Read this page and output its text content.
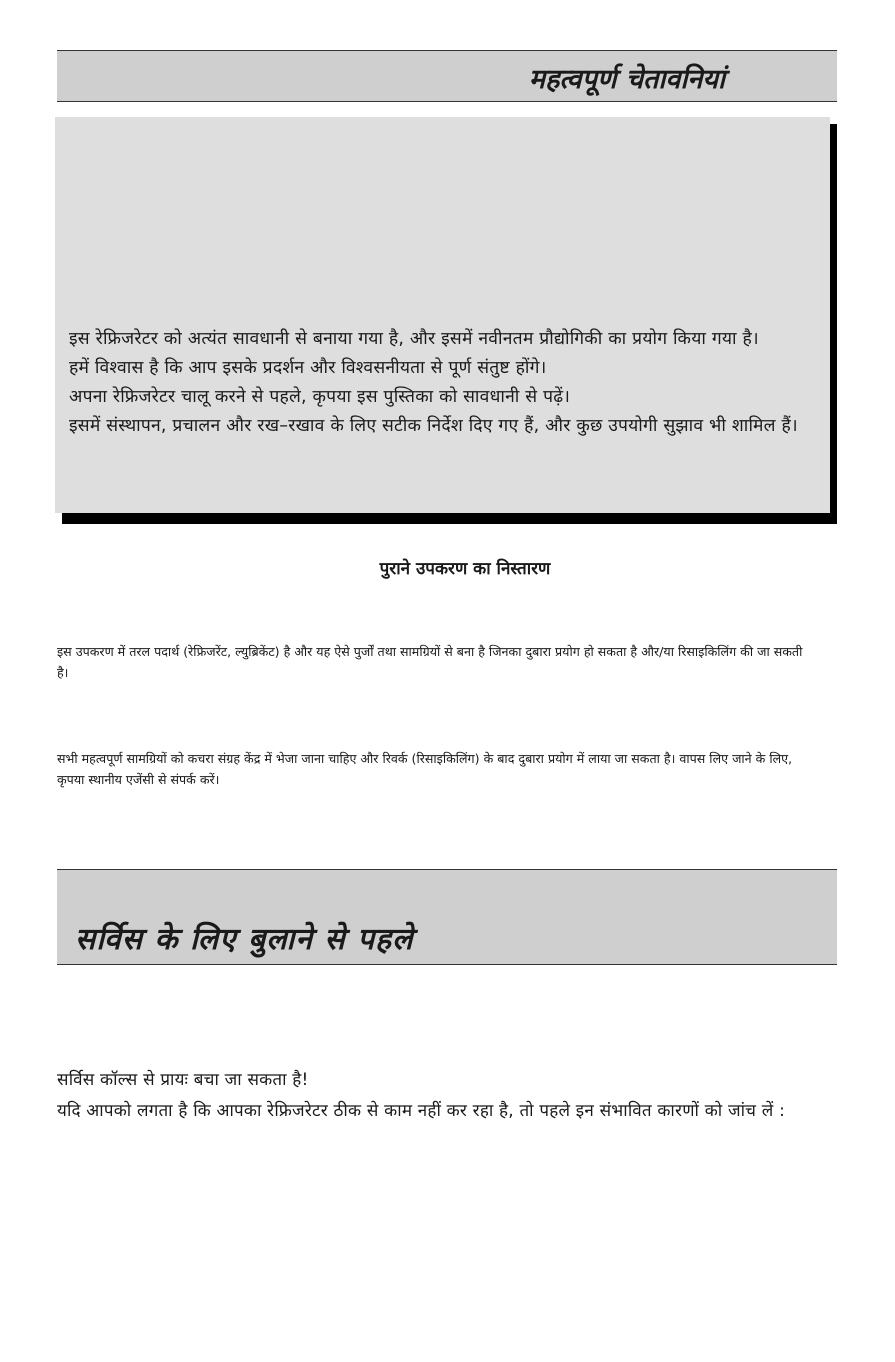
महत्वपूर्ण चेतावनियां

इस रेफ्रिजरेटर को अत्यंत सावधानी से बनाया गया है, और इसमें नवीनतम प्रौद्योगिकी का प्रयोग किया गया है।

हमें विश्वास है कि आप इसके प्रदर्शन और विश्वसनीयता से पूर्ण संतुष्ट होंगे।

अपना रेफ्रिजरेटर चालू करने से पहले, कृपया इस पुस्तिका को सावधानी से पढ़ें।

इसमें संस्थापन, प्रचालन और रख–रखाव के लिए सटीक निर्देश दिए गए हैं, और कुछ उपयोगी सुझाव भी शामिल हैं।

पुराने उपकरण का निस्तारण

इस उपकरण में तरल पदार्थ (रेफ्रिजरेंट, ल्युब्रिकेंट) है और यह ऐसे पुर्जों तथा सामग्रियों से बना है जिनका दुबारा प्रयोग हो सकता है और/या रिसाइकिलिंग की जा सकती है।

सभी महत्वपूर्ण सामग्रियों को कचरा संग्रह केंद्र में भेजा जाना चाहिए और रिवर्क (रिसाइकिलिंग) के बाद दुबारा प्रयोग में लाया जा सकता है। वापस लिए जाने के लिए, कृपया स्थानीय एजेंसी से संपर्क करें।

सर्विस के लिए बुलाने से पहले

सर्विस कॉल्स से प्रायः बचा जा सकता है!

यदि आपको लगता है कि आपका रेफ्रिजरेटर ठीक से काम नहीं कर रहा है, तो पहले इन संभावित कारणों को जांच लें :
